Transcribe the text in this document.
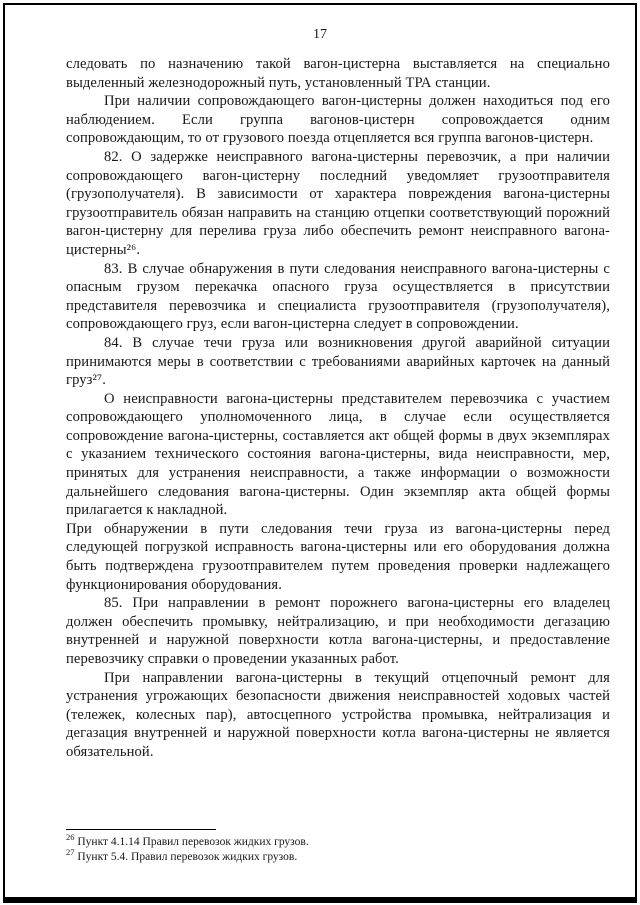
17

следовать по назначению такой вагон-цистерна выставляется на специально выделенный железнодорожный путь, установленный ТРА станции.

При наличии сопровождающего вагон-цистерны должен находиться под его наблюдением. Если группа вагонов-цистерн сопровождается одним сопровождающим, то от грузового поезда отцепляется вся группа вагонов-цистерн.

82. О задержке неисправного вагона-цистерны перевозчик, а при наличии сопровождающего вагон-цистерну последний уведомляет грузоотправителя (грузополучателя). В зависимости от характера повреждения вагона-цистерны грузоотправитель обязан направить на станцию отцепки соответствующий порожний вагон-цистерну для перелива груза либо обеспечить ремонт неисправного вагона-цистерны²⁶.

83. В случае обнаружения в пути следования неисправного вагона-цистерны с опасным грузом перекачка опасного груза осуществляется в присутствии представителя перевозчика и специалиста грузоотправителя (грузополучателя), сопровождающего груз, если вагон-цистерна следует в сопровождении.

84. В случае течи груза или возникновения другой аварийной ситуации принимаются меры в соответствии с требованиями аварийных карточек на данный груз²⁷.

О неисправности вагона-цистерны представителем перевозчика с участием сопровождающего уполномоченного лица, в случае если осуществляется сопровождение вагона-цистерны, составляется акт общей формы в двух экземплярах с указанием технического состояния вагона-цистерны, вида неисправности, мер, принятых для устранения неисправности, а также информации о возможности дальнейшего следования вагона-цистерны. Один экземпляр акта общей формы прилагается к накладной.

При обнаружении в пути следования течи груза из вагона-цистерны перед следующей погрузкой исправность вагона-цистерны или его оборудования должна быть подтверждена грузоотправителем путем проведения проверки надлежащего функционирования оборудования.

85. При направлении в ремонт порожнего вагона-цистерны его владелец должен обеспечить промывку, нейтрализацию, и при необходимости дегазацию внутренней и наружной поверхности котла вагона-цистерны, и предоставление перевозчику справки о проведении указанных работ.

При направлении вагона-цистерны в текущий отцепочный ремонт для устранения угрожающих безопасности движения неисправностей ходовых частей (тележек, колесных пар), автосцепного устройства промывка, нейтрализация и дегазация внутренней и наружной поверхности котла вагона-цистерны не является обязательной.

$^{26}$ Пункт 4.1.14 Правил перевозок жидких грузов.
$^{27}$ Пункт 5.4. Правил перевозок жидких грузов.
